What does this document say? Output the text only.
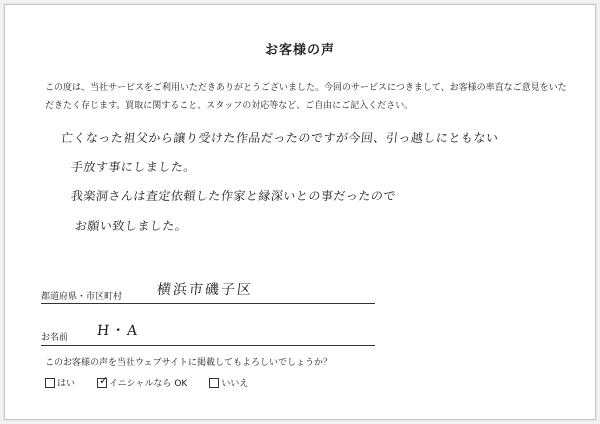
お客様の声
この度は、当社サービスをご利用いただきありがとうございました。今回のサービスにつきまして、お客様の率直なご意見をいた
だきたく存じます。買取に関すること、スタッフの対応等など、ご自由にご記入ください。
亡くなった祖父から譲り受けた作品だったのですが今回、引っ越しにともない
手放す事にしました。
我楽洞さんは査定依頼した作家と縁深いとの事だったので
お願い致しました。
都道府県・市区町村 横浜市磯子区
お名前 H・A
このお客様の声を当社ウェブサイトに掲載してもよろしいでしょうか？
はい ✓ イニシャルなら OK	いいえ
